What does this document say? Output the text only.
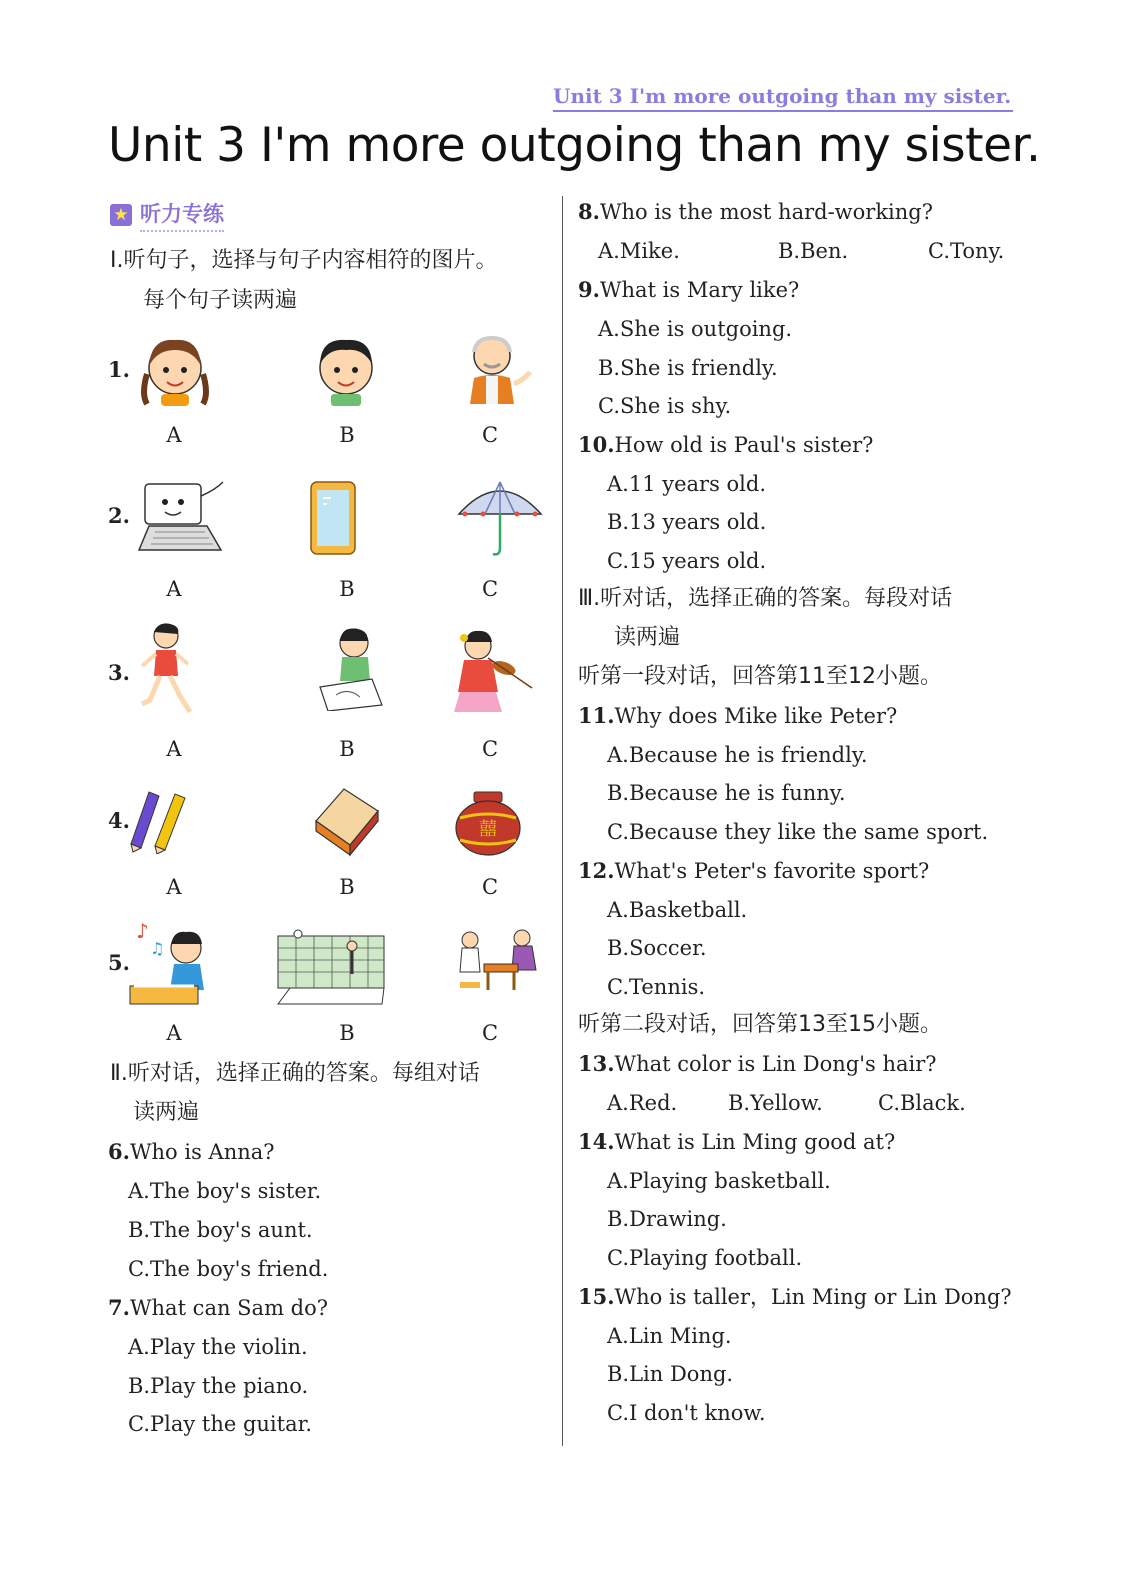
Unit 3 I'm more outgoing than my sister.
Unit 3 I'm more outgoing than my sister.
★ 听力专练
Ⅰ.听句子，选择与句子内容相符的图片。
每个句子读两遍
1.
A	B	C
2.
A	B	C
3.
A	B	C
4.	囍
A	B	C
5.
♪
♫
A	B	C
Ⅱ.听对话，选择正确的答案。每组对话
读两遍
6.Who is Anna?
A.The boy's sister.
B.The boy's aunt.
C.The boy's friend.
7.What can Sam do?
A.Play the violin.
B.Play the piano.
C.Play the guitar.
8.Who is the most hard-working?
A.Mike.	B.Ben.	C.Tony.
9.What is Mary like?
A.She is outgoing.
B.She is friendly.
C.She is shy.
10.How old is Paul's sister?
A.11 years old.
B.13 years old.
C.15 years old.
Ⅲ.听对话，选择正确的答案。每段对话
读两遍
听第一段对话，回答第11至12小题。
11.Why does Mike like Peter?
A.Because he is friendly.
B.Because he is funny.
C.Because they like the same sport.
12.What's Peter's favorite sport?
A.Basketball.
B.Soccer.
C.Tennis.
听第二段对话，回答第13至15小题。
13.What color is Lin Dong's hair?
A.Red. B.Yellow.	C.Black.
14.What is Lin Ming good at?
A.Playing basketball.
B.Drawing.
C.Playing football.
15.Who is taller，Lin Ming or Lin Dong?
A.Lin Ming.
B.Lin Dong.
C.I don't know.
